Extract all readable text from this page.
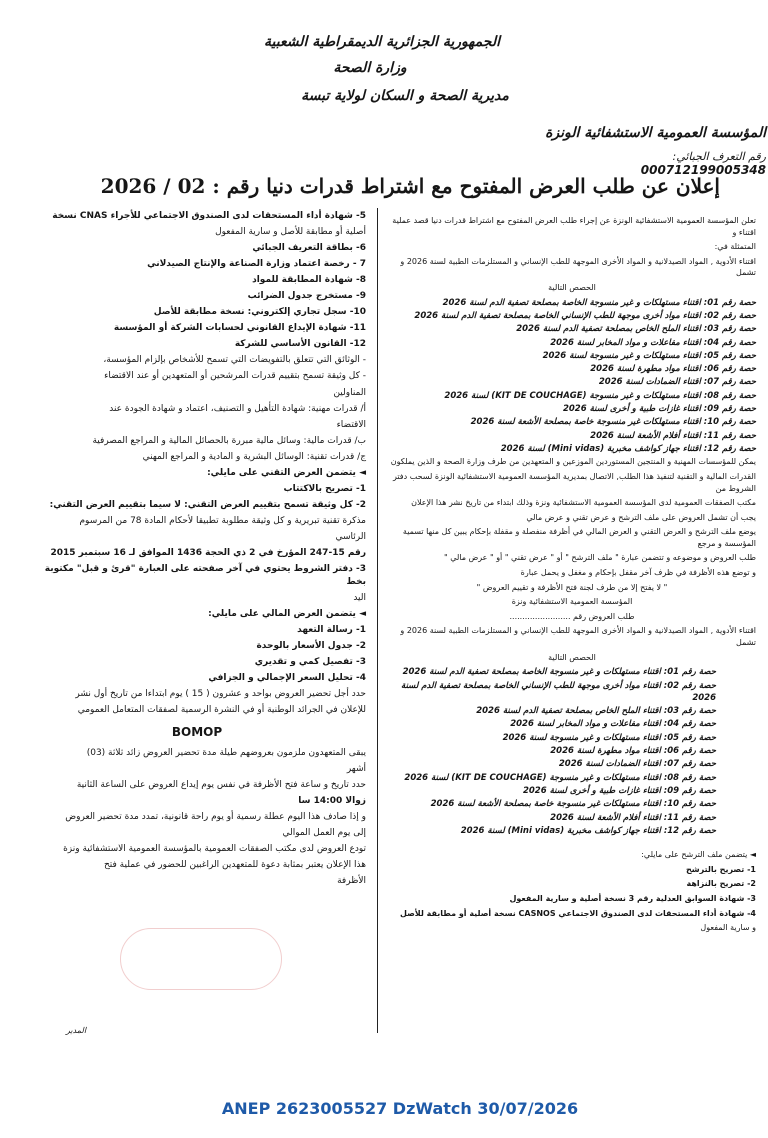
الجمهورية الجزائرية الديمقراطية الشعبية
وزارة الصحة
مديرية الصحة و السكان لولاية تبسة
المؤسسة العمومية الاستشفائية الونزة
رقم التعرف الجبائي: 000712199005348
إعلان عن طلب العرض المفتوح مع اشتراط قدرات دنيا رقم : 02 / 2026

تعلن المؤسسة العمومية الاستشفائية الونزة عن إجراء طلب العرض المفتوح مع اشتراط قدرات دنيا قصد عملية اقتناء و

المتمثلة في:

اقتناء الأدوية , المواد الصيدلانية و المواد الأخرى الموجهة للطب الإنساني و المستلزمات الطبية لسنة 2026 و تشمل

الحصص التالية

حصة رقم 01: اقتناء مستهلكات و غير منسوجة الخاصة بمصلحة تصفية الدم لسنة 2026
حصة رقم 02: اقتناء مواد أخرى موجهة للطب الإنساني الخاصة بمصلحة تصفية الدم لسنة 2026
حصة رقم 03: اقتناء الملح الخاص بمصلحة تصفية الدم لسنة 2026
حصة رقم 04: اقتناء مفاعلات و مواد المخابر لسنة 2026
حصة رقم 05: اقتناء مستهلكات و غير منسوجة لسنة 2026
حصة رقم 06: اقتناء مواد مطهرة لسنة 2026
حصة رقم 07: اقتناء الضمادات لسنة 2026
حصة رقم 08: اقتناء مستهلكات و غير منسوجة (KIT DE COUCHAGE) لسنة 2026
حصة رقم 09: اقتناء غازات طبية و أخرى لسنة 2026
حصة رقم 10: اقتناء مستهلكات غير منسوجة خاصة بمصلحة الأشعة لسنة 2026
حصة رقم 11: اقتناء أفلام الأشعة لسنة 2026
حصة رقم 12: اقتناء جهاز كواشف مخبرية (Mini vidas) لسنة 2026

يمكن للمؤسسات المهنية و المنتجين المستوردين الموزعين و المتعهدين من طرف وزارة الصحة و الذين يملكون

القدرات المالية و التقنية لتنفيذ هذا الطلب, الاتصال بمديرية المؤسسة العمومية الاستشفائية الونزة لسحب دفتر الشروط من

مكتب الصفقات العمومية لدى المؤسسة العمومية الاستشفائية ونزة وذلك ابتداء من تاريخ نشر هذا الإعلان

يجب أن تشمل العروض على ملف الترشح و عرض تقني و عرض مالي

يوضع ملف الترشح و العرض التقني و العرض المالي في أظرفة منفصلة و مقفلة بإحكام يبين كل منها تسمية المؤسسة و مرجع

طلب العروض و موضوعه و تتضمن عبارة " ملف الترشح " أو " عرض تقني " أو " عرض مالي "

و توضع هذه الأظرفة في ظرف آخر مقفل بإحكام و مغفل و يحمل عبارة

" لا يفتح إلا من طرف لجنة فتح الأظرفة و تقييم العروض "

المؤسسة العمومية الاستشفائية ونزة

طلب العروض رقم ........................

اقتناء الأدوية , المواد الصيدلانية و المواد الأخرى الموجهة للطب الإنساني و المستلزمات الطبية لسنة 2026 و تشمل

الحصص التالية

حصة رقم 01: اقتناء مستهلكات و غير منسوجة الخاصة بمصلحة تصفية الدم لسنة 2026
حصة رقم 02: اقتناء مواد أخرى موجهة للطب الإنساني الخاصة بمصلحة تصفية الدم لسنة 2026
حصة رقم 03: اقتناء الملح الخاص بمصلحة تصفية الدم لسنة 2026
حصة رقم 04: اقتناء مفاعلات و مواد المخابر لسنة 2026
حصة رقم 05: اقتناء مستهلكات و غير منسوجة لسنة 2026
حصة رقم 06: اقتناء مواد مطهرة لسنة 2026
حصة رقم 07: اقتناء الضمادات لسنة 2026
حصة رقم 08: اقتناء مستهلكات و غير منسوجة (KIT DE COUCHAGE) لسنة 2026
حصة رقم 09: اقتناء غازات طبية و أخرى لسنة 2026
حصة رقم 10: اقتناء مستهلكات غير منسوجة خاصة بمصلحة الأشعة لسنة 2026
حصة رقم 11: اقتناء أفلام الأشعة لسنة 2026
حصة رقم 12: اقتناء جهاز كواشف مخبرية (Mini vidas) لسنة 2026

◄ يتضمن ملف الترشح على مايلي:

1- تصريح بالترشح

2- تصريح بالنزاهة

3- شهادة السوابق العدلية رقم 3 نسخة أصلية و سارية المفعول

4- شهادة أداء المستحقات لدى الصندوق الاجتماعي CASNOS نسخة أصلية أو مطابقة للأصل

و سارية المفعول

5- شهادة أداء المستحقات لدى الصندوق الاجتماعي للأجراء CNAS نسخة

أصلية أو مطابقة للأصل و سارية المفعول

6- بطاقة التعريف الجبائي

7 - رخصة اعتماد وزارة الصناعة والإنتاج الصيدلاني

8- شهادة المطابقة للمواد

9- مستخرج جدول الضرائب

10- سجل تجاري إلكتروني: نسخة مطابقة للأصل

11- شهادة الإيداع القانوني لحسابات الشركة أو المؤسسة

12- القانون الأساسي للشركة

- الوثائق التي تتعلق بالتفويضات التي تسمح للأشخاص بإلزام المؤسسة،

- كل وثيقة تسمح بتقييم قدرات المرشحين أو المتعهدين أو عند الاقتضاء

المناولين

أ/ قدرات مهنية: شهادة التأهيل و التصنيف، اعتماد و شهادة الجودة عند

الاقتضاء

ب/ قدرات مالية: وسائل مالية مبررة بالحصائل المالية و المراجع المصرفية

ج/ قدرات تقنية: الوسائل البشرية و المادية و المراجع المهني

◄ يتضمن العرض التقني على مايلي:

1- تصريح بالاكتتاب

2- كل وثيقة تسمح بتقييم العرض التقني: لا سيما بتقييم العرض التقني:

مذكرة تقنية تبريرية و كل وثيقة مطلوبة تطبيقا لأحكام المادة 78 من المرسوم

الرئاسي

رقم 15-247 المؤرخ في 2 ذي الحجة 1436 الموافق لـ 16 سبتمبر 2015

3- دفتر الشروط يحتوي في آخر صفحته على العبارة "قرئ و قبل" مكتوبة بخط

اليد

◄ يتضمن العرض المالي على مايلي:

1- رسالة التعهد

2- جدول الأسعار بالوحدة

3- تفصيل كمي و تقديري

4- تحليل السعر الإجمالي و الجزافي

حدد أجل تحضير العروض بواحد و عشرون ( 15 ) يوم ابتداءا من تاريخ أول نشر

للإعلان في الجرائد الوطنية أو في النشرة الرسمية لصفقات المتعامل العمومي

BOMOP

يبقى المتعهدون ملزمون بعروضهم طيلة مدة تحضير العروض زائد ثلاثة (03)

أشهر

حدد تاريخ و ساعة فتح الأظرفة في نفس يوم إيداع العروض على الساعة الثانية

زوالا 14:00 سا

و إذا صادف هذا اليوم عطلة رسمية أو يوم راحة قانونية، تمدد مدة تحضير العروض

إلى يوم العمل الموالي

تودع العروض لدى مكتب الصفقات العمومية بالمؤسسة العمومية الاستشفائية ونزة

هذا الإعلان يعتبر بمثابة دعوة للمتعهدين الراغبين للحضور في عملية فتح

الأظرفة

المدير
ANEP 2623005527 DzWatch 30/07/2026
